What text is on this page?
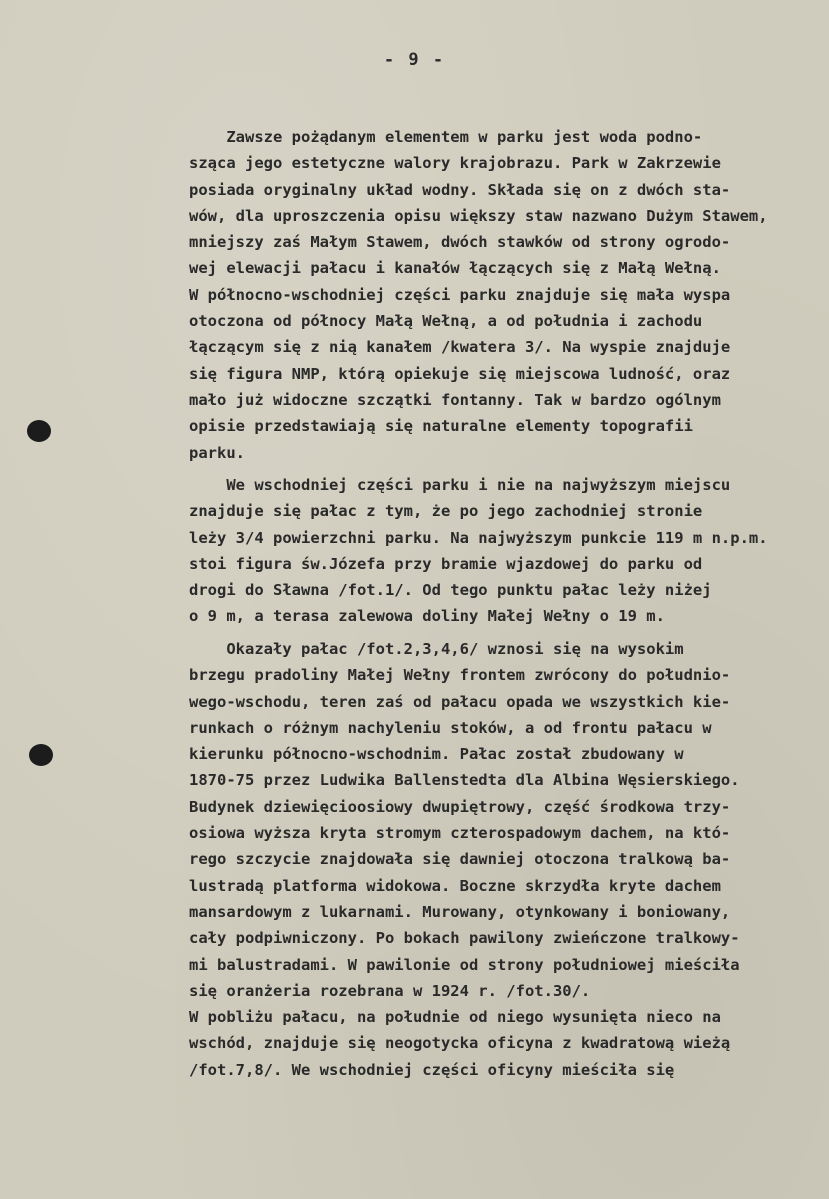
- 9 -

Zawsze pożądanym elementem w parku jest woda podno-
sząca jego estetyczne walory krajobrazu. Park w Zakrzewie
posiada oryginalny układ wodny. Składa się on z dwóch sta-
wów, dla uproszczenia opisu większy staw nazwano Dużym Stawem,
mniejszy zaś Małym Stawem, dwóch stawków od strony ogrodo-
wej elewacji pałacu i kanałów łączących się z Małą Wełną.
W północno-wschodniej części parku znajduje się mała wyspa
otoczona od północy Małą Wełną, a od południa i zachodu
łączącym się z nią kanałem /kwatera 3/. Na wyspie znajduje
się figura NMP, którą opiekuje się miejscowa ludność, oraz
mało już widoczne szczątki fontanny. Tak w bardzo ogólnym
opisie przedstawiają się naturalne elementy topografii
parku.

We wschodniej części parku i nie na najwyższym miejscu
znajduje się pałac z tym, że po jego zachodniej stronie
leży 3/4 powierzchni parku. Na najwyższym punkcie 119 m n.p.m.
stoi figura św.Józefa przy bramie wjazdowej do parku od
drogi do Sławna /fot.1/. Od tego punktu pałac leży niżej
o 9 m, a terasa zalewowa doliny Małej Wełny o 19 m.

Okazały pałac /fot.2,3,4,6/ wznosi się na wysokim
brzegu pradoliny Małej Wełny frontem zwrócony do południo-
wego-wschodu, teren zaś od pałacu opada we wszystkich kie-
runkach o różnym nachyleniu stoków, a od frontu pałacu w
kierunku północno-wschodnim. Pałac został zbudowany w
1870-75 przez Ludwika Ballenstedta dla Albina Węsierskiego.
Budynek dziewięcioosiowy dwupiętrowy, część środkowa trzy-
osiowa wyższa kryta stromym czterospadowym dachem, na któ-
rego szczycie znajdowała się dawniej otoczona tralkową ba-
lustradą platforma widokowa. Boczne skrzydła kryte dachem
mansardowym z lukarnami. Murowany, otynkowany i boniowany,
cały podpiwniczony. Po bokach pawilony zwieńczone tralkowy-
mi balustradami. W pawilonie od strony południowej mieściła
się oranżeria rozebrana w 1924 r. /fot.30/.
W pobliżu pałacu, na południe od niego wysunięta nieco na
wschód, znajduje się neogotycka oficyna z kwadratową wieżą
/fot.7,8/. We wschodniej części oficyny mieściła się
